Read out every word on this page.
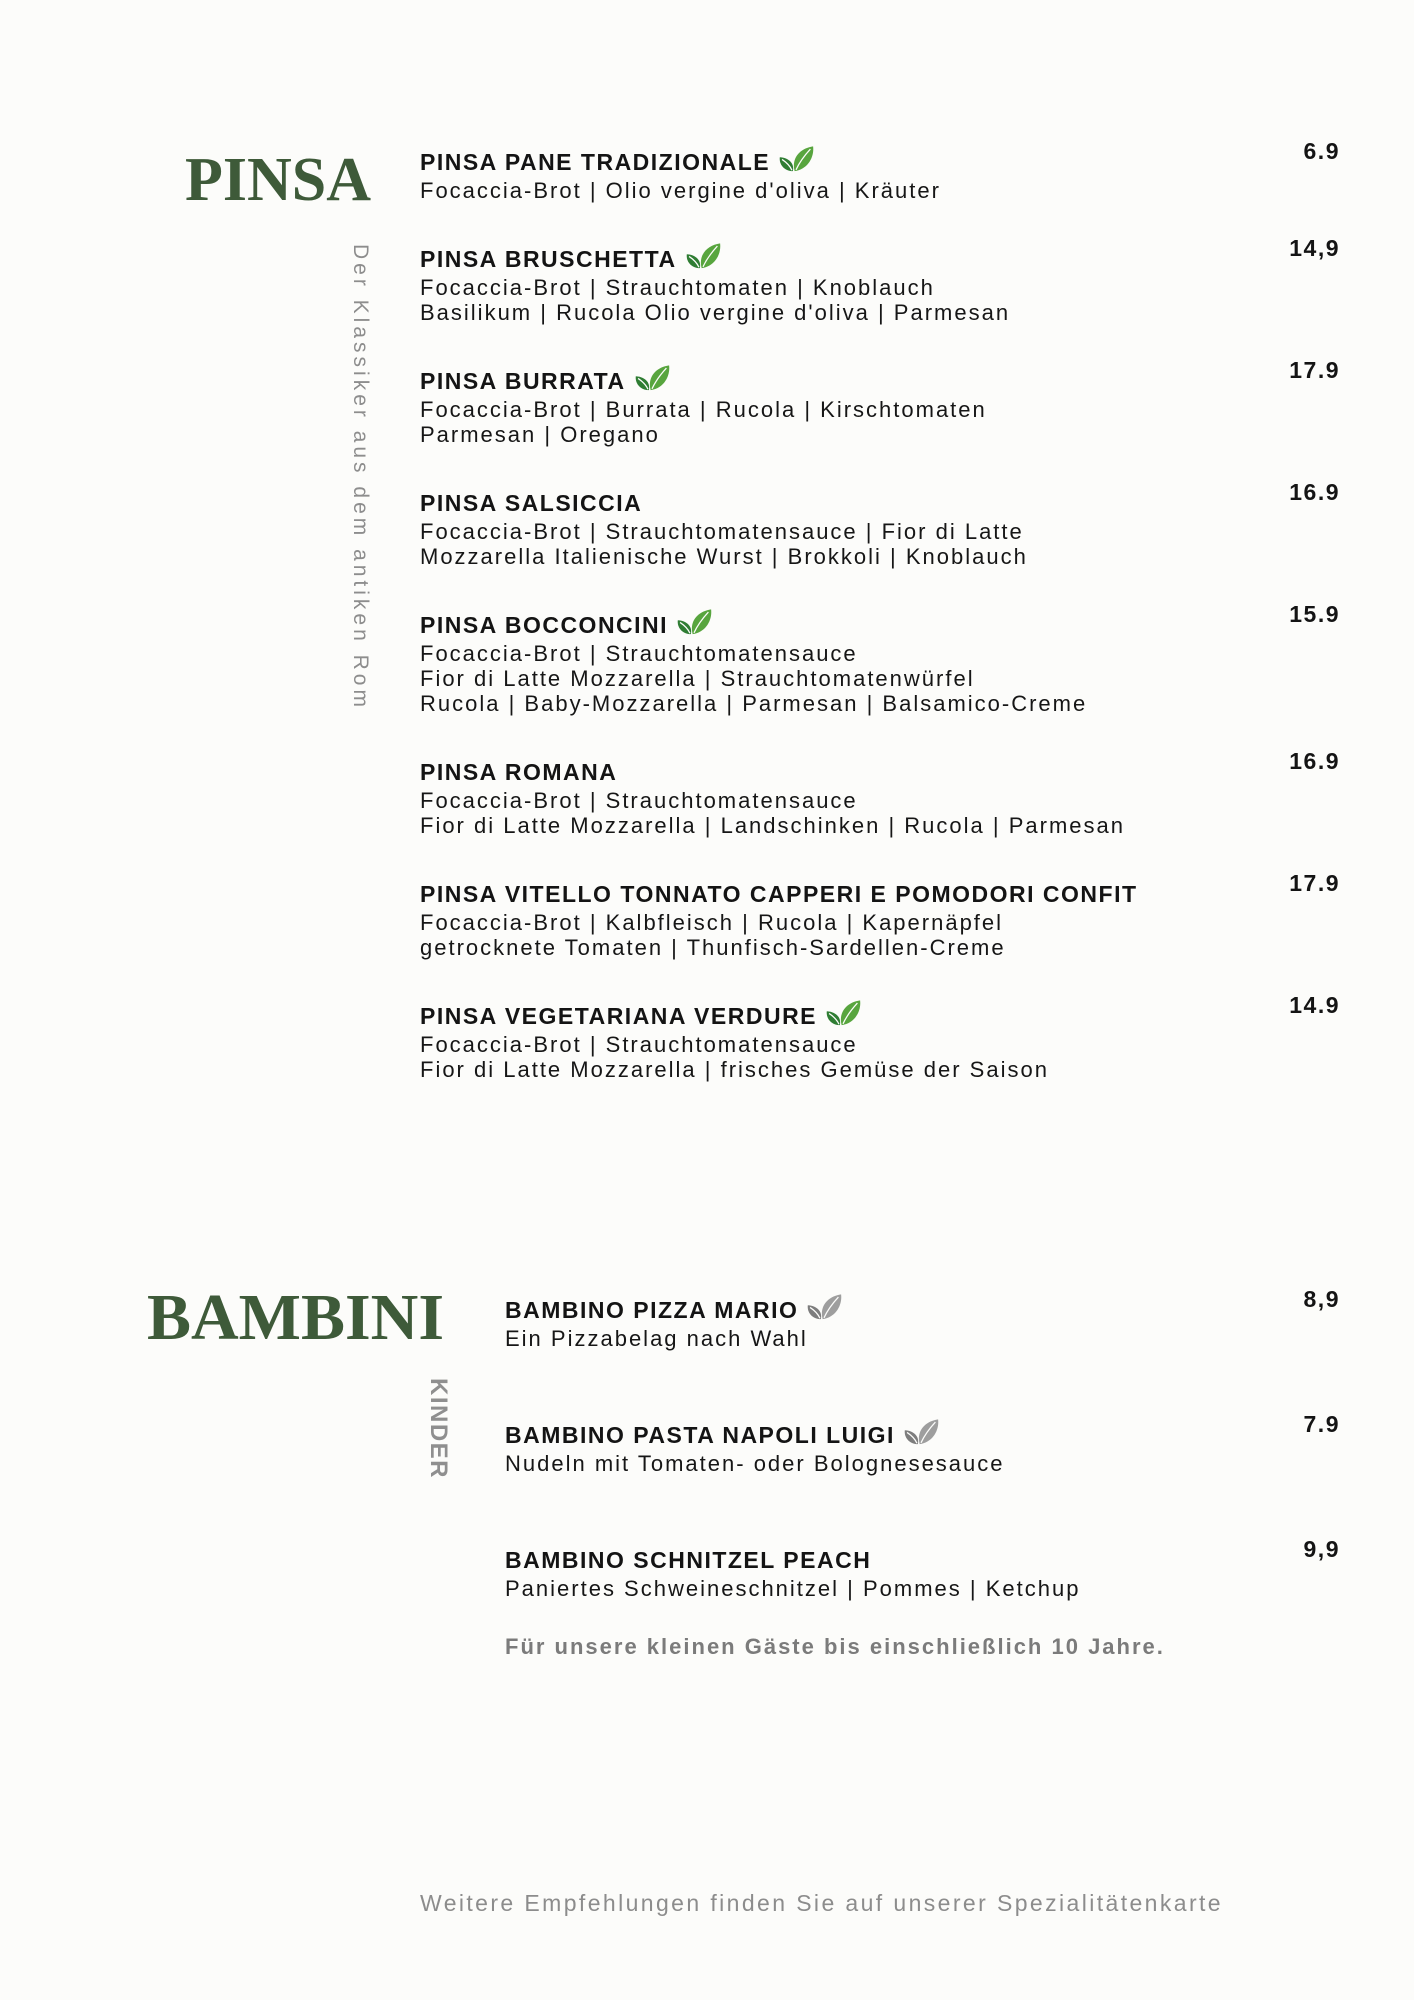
PINSA
Der Klassiker aus dem antiken Rom
PINSA PANE TRADIZIONALE	6.9
Focaccia-Brot | Olio vergine d'oliva | Kräuter
PINSA BRUSCHETTA	14,9
Focaccia-Brot | Strauchtomaten | Knoblauch
Basilikum | Rucola Olio vergine d'oliva | Parmesan
PINSA BURRATA	17.9
Focaccia-Brot | Burrata | Rucola | Kirschtomaten
Parmesan | Oregano
PINSA SALSICCIA	16.9
Focaccia-Brot | Strauchtomatensauce | Fior di Latte
Mozzarella Italienische Wurst | Brokkoli | Knoblauch
PINSA BOCCONCINI	15.9
Focaccia-Brot | Strauchtomatensauce
Fior di Latte Mozzarella | Strauchtomatenwürfel
Rucola | Baby-Mozzarella | Parmesan | Balsamico-Creme
PINSA ROMANA	16.9
Focaccia-Brot | Strauchtomatensauce
Fior di Latte Mozzarella | Landschinken | Rucola | Parmesan
PINSA VITELLO TONNATO CAPPERI E POMODORI CONFIT	17.9
Focaccia-Brot | Kalbfleisch | Rucola | Kapernäpfel
getrocknete Tomaten | Thunfisch-Sardellen-Creme
PINSA VEGETARIANA VERDURE	14.9
Focaccia-Brot | Strauchtomatensauce
Fior di Latte Mozzarella | frisches Gemüse der Saison
BAMBINI
KINDER
BAMBINO PIZZA MARIO	8,9
Ein Pizzabelag nach Wahl
BAMBINO PASTA NAPOLI LUIGI	7.9
Nudeln mit Tomaten- oder Bolognesesauce
BAMBINO SCHNITZEL PEACH	9,9
Paniertes Schweineschnitzel | Pommes | Ketchup
Für unsere kleinen Gäste bis einschließlich 10 Jahre.
Weitere Empfehlungen finden Sie auf unserer Spezialitätenkarte
